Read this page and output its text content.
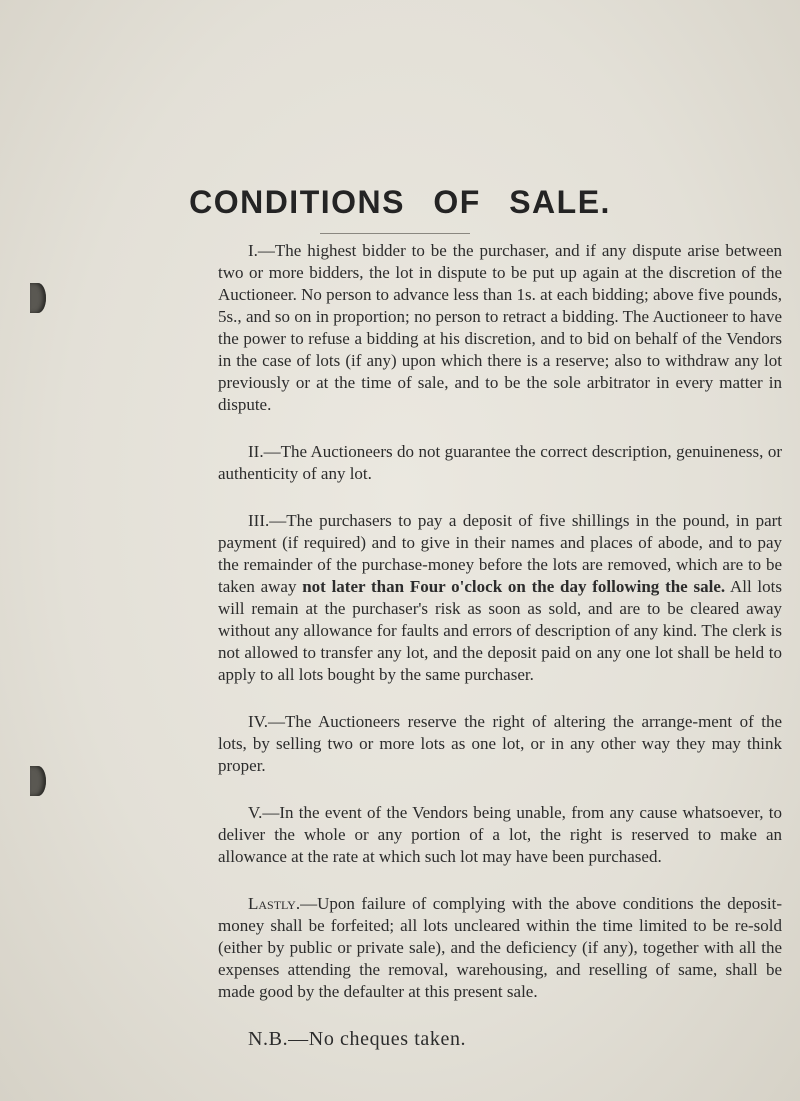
CONDITIONS OF SALE.

I.—The highest bidder to be the purchaser, and if any dispute arise between two or more bidders, the lot in dispute to be put up again at the discretion of the Auctioneer. No person to advance less than 1s. at each bidding; above five pounds, 5s., and so on in proportion; no person to retract a bidding. The Auctioneer to have the power to refuse a bidding at his discretion, and to bid on behalf of the Vendors in the case of lots (if any) upon which there is a reserve; also to withdraw any lot previously or at the time of sale, and to be the sole arbitrator in every matter in dispute.

II.—The Auctioneers do not guarantee the correct description, genuineness, or authenticity of any lot.

III.—The purchasers to pay a deposit of five shillings in the pound, in part payment (if required) and to give in their names and places of abode, and to pay the remainder of the purchase-money before the lots are removed, which are to be taken away not later than Four o'clock on the day following the sale. All lots will remain at the purchaser's risk as soon as sold, and are to be cleared away without any allowance for faults and errors of description of any kind. The clerk is not allowed to transfer any lot, and the deposit paid on any one lot shall be held to apply to all lots bought by the same purchaser.

IV.—The Auctioneers reserve the right of altering the arrange-ment of the lots, by selling two or more lots as one lot, or in any other way they may think proper.

V.—In the event of the Vendors being unable, from any cause whatsoever, to deliver the whole or any portion of a lot, the right is reserved to make an allowance at the rate at which such lot may have been purchased.

Lastly.—Upon failure of complying with the above conditions the deposit-money shall be forfeited; all lots uncleared within the time limited to be re-sold (either by public or private sale), and the deficiency (if any), together with all the expenses attending the removal, warehousing, and reselling of same, shall be made good by the defaulter at this present sale.

N.B.—No cheques taken.
